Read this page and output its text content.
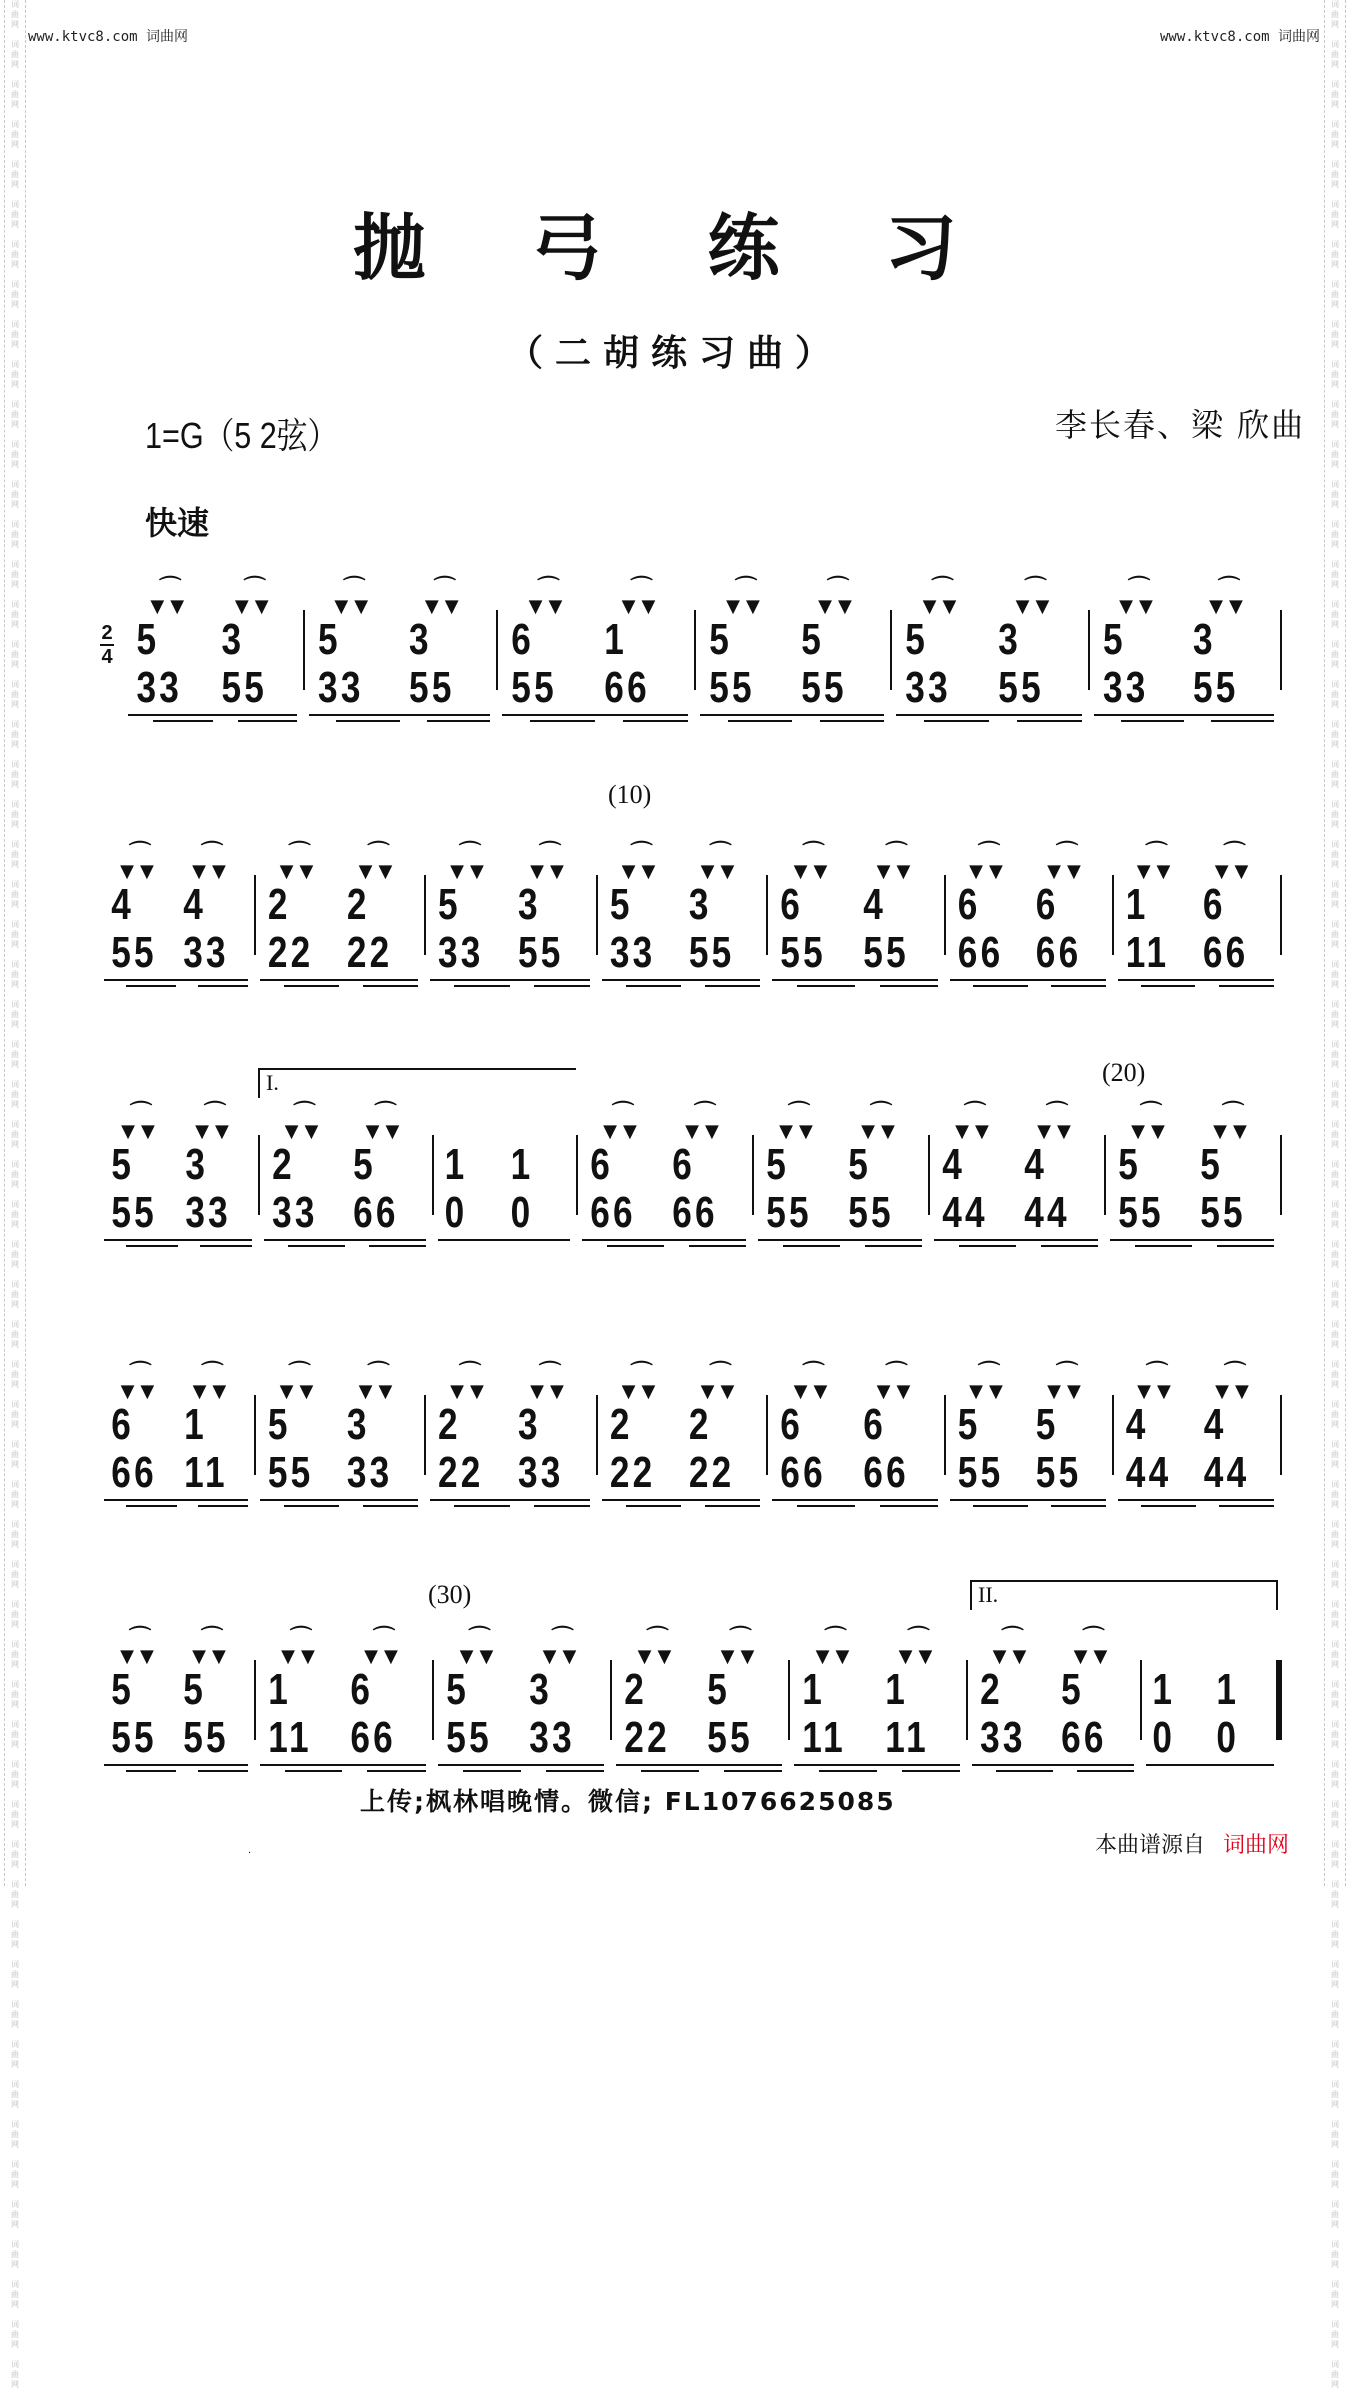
词
曲
网

词
曲
网

词
曲
网

词
曲
网

词
曲
网

词
曲
网

词
曲
网

词
曲
网

词
曲
网

词
曲
网

词
曲
网

词
曲
网

词
曲
网

词
曲
网

词
曲
网

词
曲
网

词
曲
网

词
曲
网

词
曲
网

词
曲
网

词
曲
网

词
曲
网

词
曲
网

词
曲
网

词
曲
网

词
曲
网

词
曲
网

词
曲
网

词
曲
网

词
曲
网

词
曲
网

词
曲
网

词
曲
网

词
曲
网

词
曲
网

词
曲
网

词
曲
网

词
曲
网

词
曲
网

词
曲
网

词
曲
网

词
曲
网

词
曲
网

词
曲
网

词
曲
网

词
曲
网

词
曲
网

词
曲
网

词
曲
网

词
曲
网

词
曲
网

词
曲
网

词
曲
网

词
曲
网

词
曲
网

词
曲
网

词
曲
网

词
曲
网

词
曲
网

词
曲
网

词
曲
网

词
曲
网

词
曲
网

词
曲
网

词
曲
网

词
曲
网

词
曲
网

词
曲
网

词
曲
网

词
曲
网

词
曲
网

词
曲
网

词
曲
网

词
曲
网

词
曲
网

词
曲
网

词
曲
网

词
曲
网

词
曲
网

词
曲
网

词
曲
网

词
曲
网

词
曲
网

词
曲
网

词
曲
网

词
曲
网

词
曲
网

词
曲
网

词
曲
网

词
曲
网

词
曲
网

词
曲
网

词
曲
网

词
曲
网

词
曲
网

词
曲
网

词
曲
网

词
曲
网

词
曲
网

词
曲
网

词
曲
网

词
曲
网

词
曲
网

词
曲
网

词
曲
网

词
曲
网

词
曲
网

词
曲
网

词
曲
网

词
曲
网

词
曲
网

词
曲
网

词
曲
网

词
曲
网

词
曲
网

词
曲
网

词
曲
网

词
曲
网

词
曲
网

词
曲
网

www.ktvc8.com 词曲网	www.ktvc8.com 词曲网
抛 弓 练 习
（二胡练习曲）
1=G（5 2弦）	李长春、梁 欣曲
快速
2
4
(10)
(20)
(30)
I.
II.
⌒
▼▼
5 33
⌒
▼▼
3 55
⌒
▼▼
5 33
⌒
▼▼
3 55
⌒
▼▼
6 55
⌒
▼▼
1 66
⌒
▼▼
5 55
⌒
▼▼
5 55
⌒
▼▼
5 33
⌒
▼▼
3 55
⌒
▼▼
5 33
⌒
▼▼
3 55
⌒
▼▼
4 55
⌒
▼▼
4 33
⌒
▼▼
2 22
⌒
▼▼
2 22
⌒
▼▼
5 33
⌒
▼▼
3 55
⌒
▼▼
5 33
⌒
▼▼
3 55
⌒
▼▼
6 55
⌒
▼▼
4 55
⌒
▼▼
6 66
⌒
▼▼
6 66
⌒
▼▼
1 11
⌒
▼▼
6 66
⌒
▼▼
5 55
⌒
▼▼
3 33
⌒
▼▼
2 33
⌒
▼▼
5 66
1 0
1 0
⌒
▼▼
6 66
⌒
▼▼
6 66
⌒
▼▼
5 55
⌒
▼▼
5 55
⌒
▼▼
4 44
⌒
▼▼
4 44
⌒
▼▼
5 55
⌒
▼▼
5 55
⌒
▼▼
6 66
⌒
▼▼
1 11
⌒
▼▼
5 55
⌒
▼▼
3 33
⌒
▼▼
2 22
⌒
▼▼
3 33
⌒
▼▼
2 22
⌒
▼▼
2 22
⌒
▼▼
6 66
⌒
▼▼
6 66
⌒
▼▼
5 55
⌒
▼▼
5 55
⌒
▼▼
4 44
⌒
▼▼
4 44
⌒
▼▼
5 55
⌒
▼▼
5 55
⌒
▼▼
1 11
⌒
▼▼
6 66
⌒
▼▼
5 55
⌒
▼▼
3 33
⌒
▼▼
2 22
⌒
▼▼
5 55
⌒
▼▼
1 11
⌒
▼▼
1 11
⌒
▼▼
2 33
⌒
▼▼
5 66
1 0
1 0
上传;枫林唱晚情。微信; FL1076625085
本曲谱源自 词曲网
·
